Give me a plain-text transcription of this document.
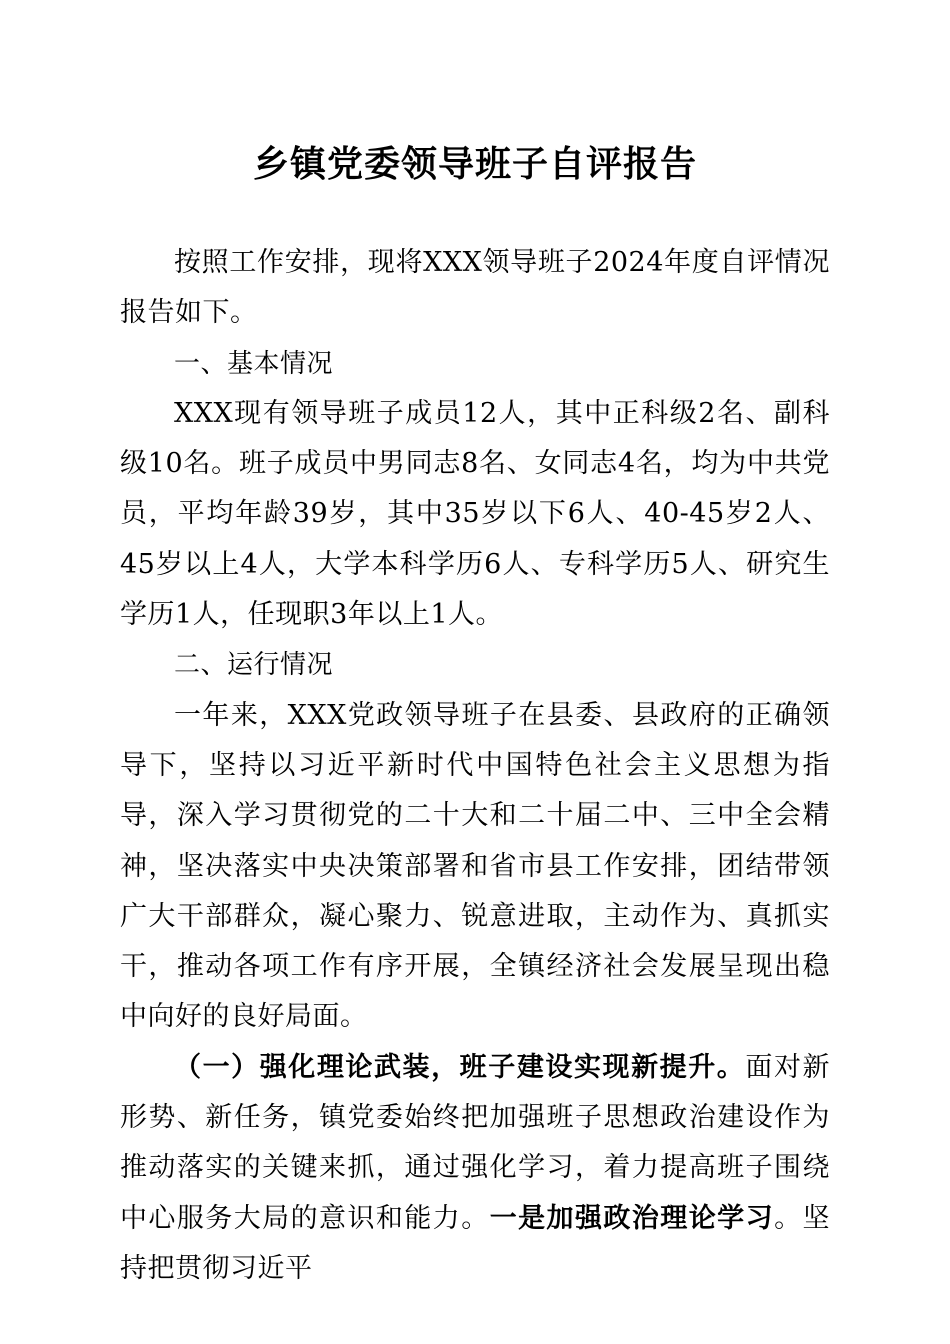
乡镇党委领导班子自评报告

按照工作安排，现将XXX领导班子2024年度自评情况报告如下。

一、基本情况

XXX现有领导班子成员12人，其中正科级2名、副科级10名。班子成员中男同志8名、女同志4名，均为中共党员，平均年龄39岁，其中35岁以下6人、40-45岁2人、45岁以上4人，大学本科学历6人、专科学历5人、研究生学历1人，任现职3年以上1人。

二、运行情况

一年来，XXX党政领导班子在县委、县政府的正确领导下，坚持以习近平新时代中国特色社会主义思想为指导，深入学习贯彻党的二十大和二十届二中、三中全会精神，坚决落实中央决策部署和省市县工作安排，团结带领广大干部群众，凝心聚力、锐意进取，主动作为、真抓实干，推动各项工作有序开展，全镇经济社会发展呈现出稳中向好的良好局面。

（一）强化理论武装，班子建设实现新提升。面对新形势、新任务，镇党委始终把加强班子思想政治建设作为推动落实的关键来抓，通过强化学习，着力提高班子围绕中心服务大局的意识和能力。一是加强政治理论学习。坚持把贯彻习近平
